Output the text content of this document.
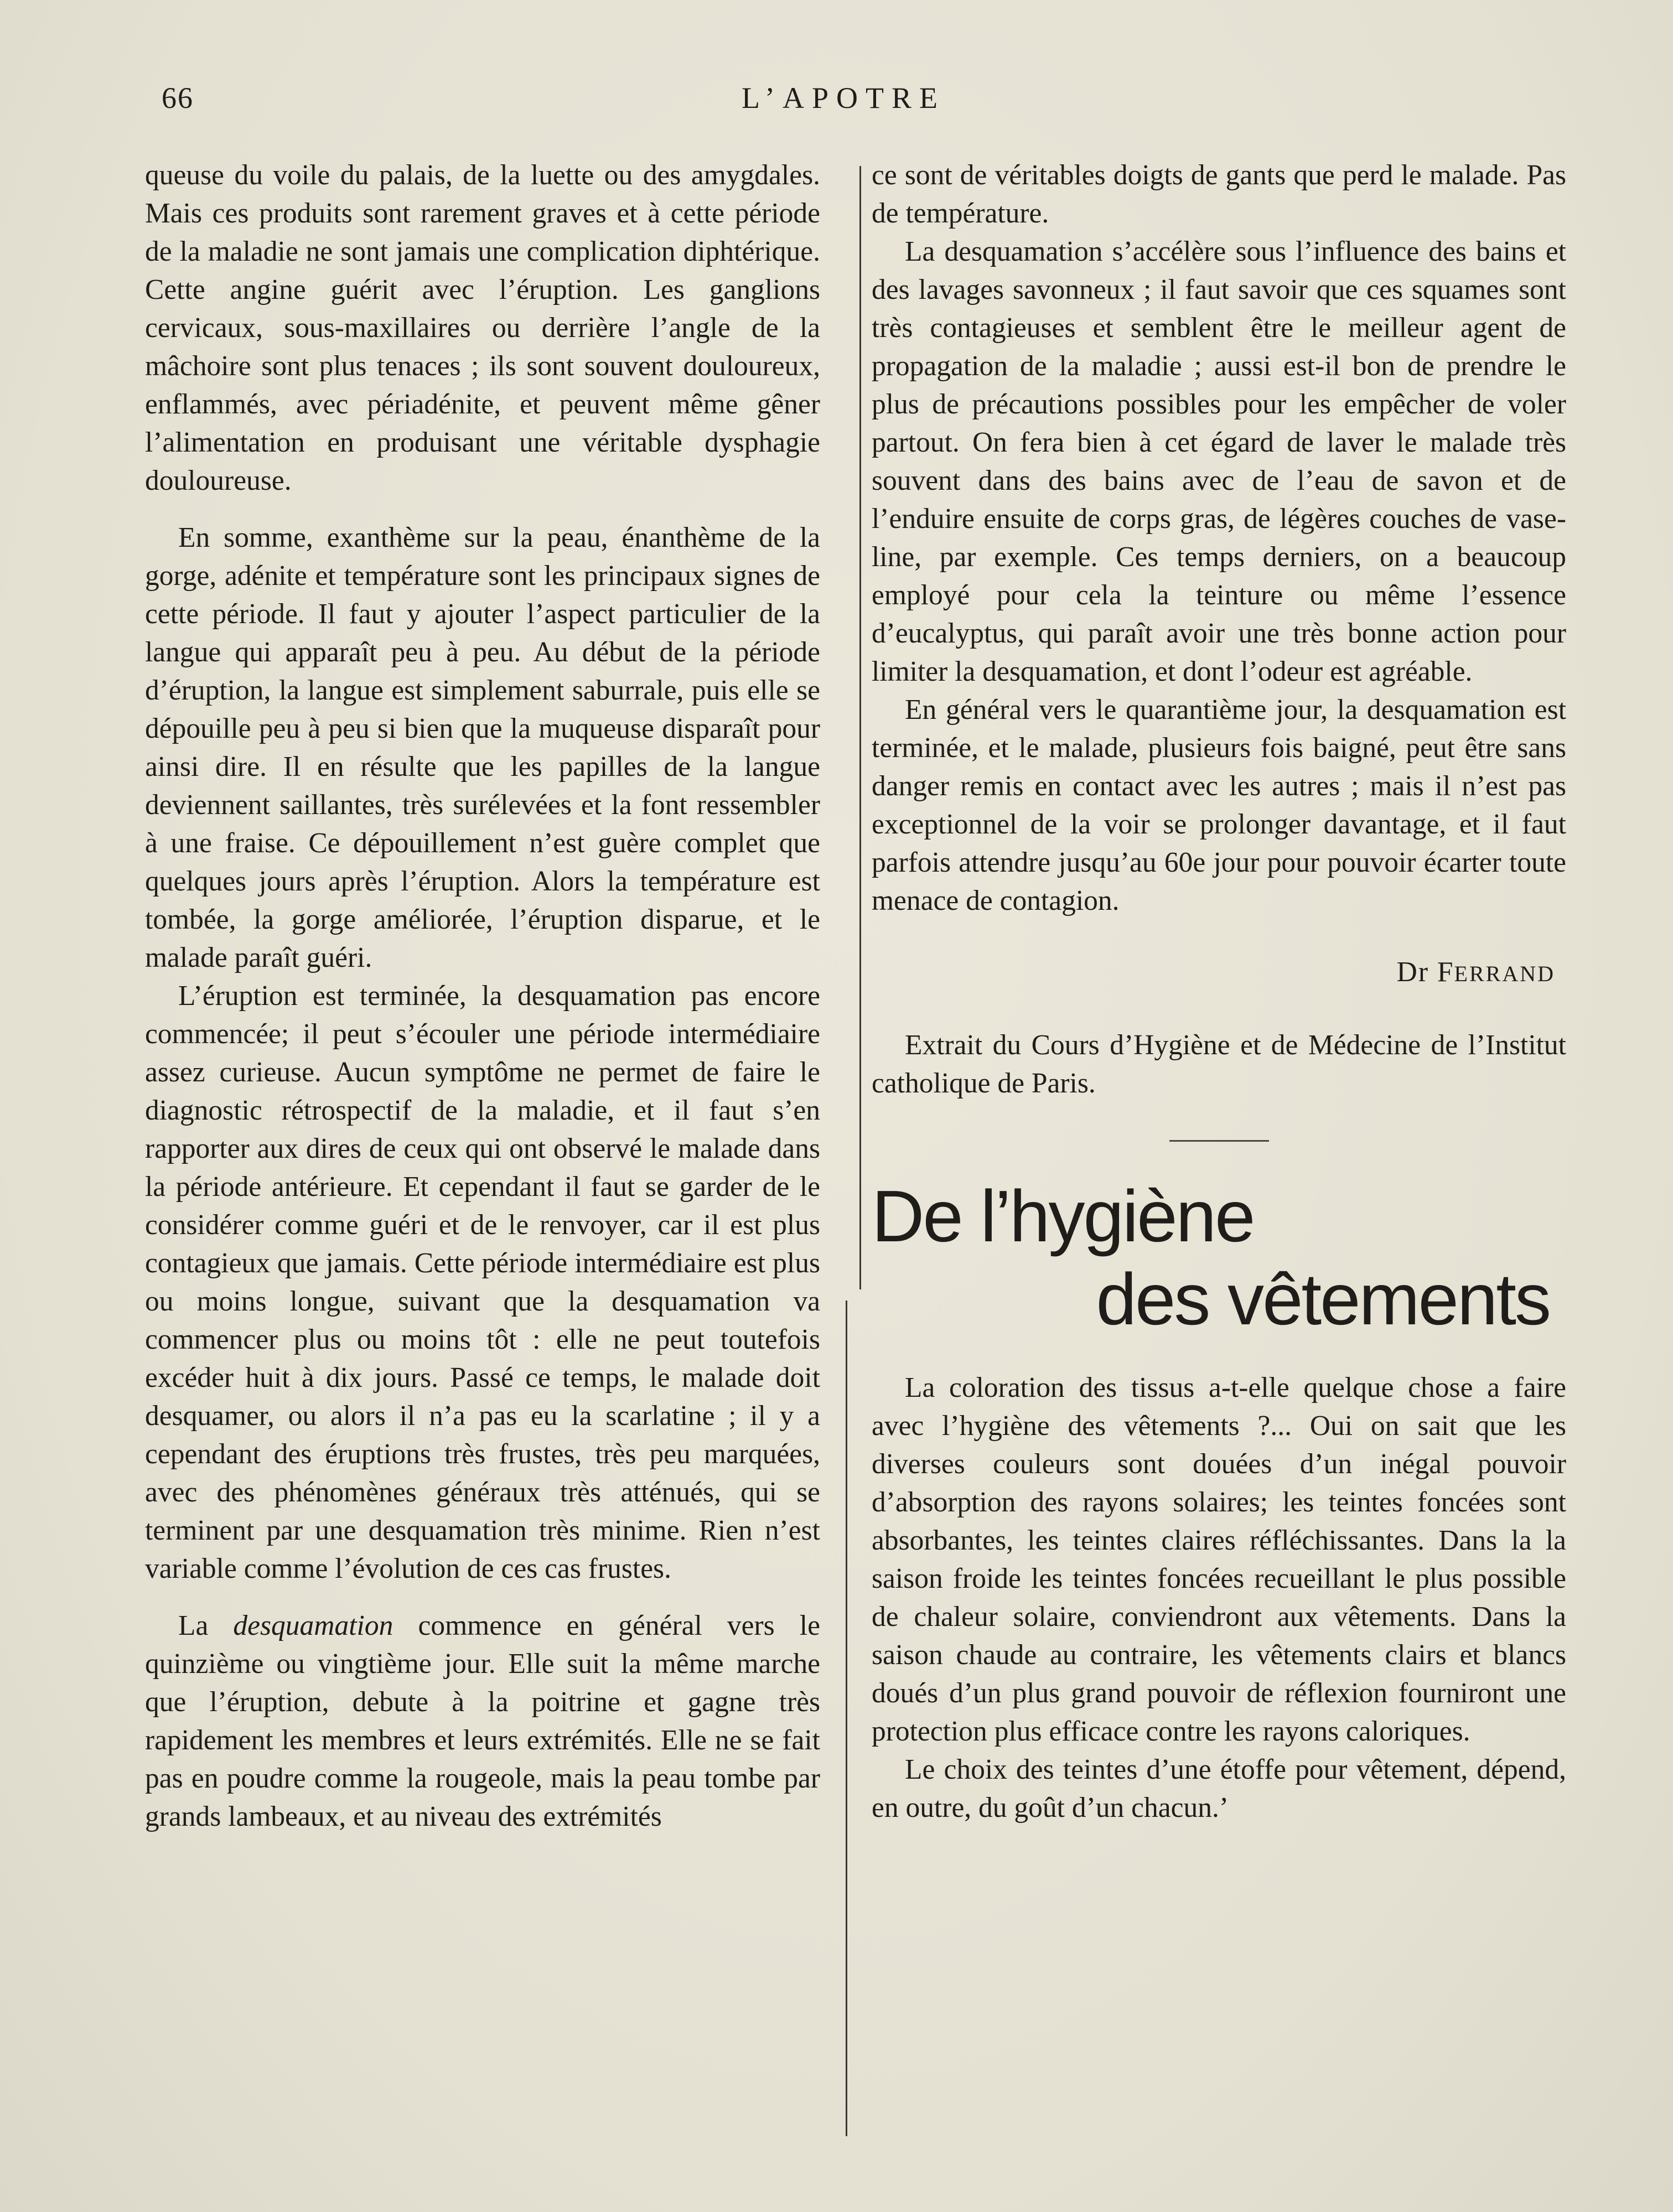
66	L’APOTRE

queuse du voile du palais, de la luette ou des amygdales. Mais ces produits sont rarement graves et à cette période de la maladie ne sont jamais une complication diphtérique. Cette angine guérit avec l’éruption. Les ganglions cervicaux, sous-maxillaires ou derrière l’angle de la mâchoire sont plus tenaces ; ils sont souvent douloureux, enflammés, avec périadénite, et peuvent même gêner l’alimentation en produisant une véritable dysphagie douloureuse.

En somme, exanthème sur la peau, énanthème de la gorge, adénite et température sont les principaux signes de cette période. Il faut y ajouter l’aspect particulier de la langue qui apparaît peu à peu. Au début de la période d’éruption, la langue est simplement saburrale, puis elle se dépouille peu à peu si bien que la muqueuse disparaît pour ainsi dire. Il en résulte que les papilles de la langue deviennent saillantes, très surélevées et la font ressembler à une fraise. Ce dépouillement n’est guère complet que quelques jours après l’éruption. Alors la température est tombée, la gorge améliorée, l’éruption disparue, et le malade paraît guéri.

L’éruption est terminée, la desquamation pas encore commencée; il peut s’écouler une période intermédiaire assez curieuse. Aucun symptôme ne permet de faire le diagnostic rétrospectif de la maladie, et il faut s’en rapporter aux dires de ceux qui ont observé le malade dans la période antérieure. Et cependant il faut se garder de le considérer comme guéri et de le renvoyer, car il est plus contagieux que jamais. Cette période intermédiaire est plus ou moins longue, suivant que la desquamation va commencer plus ou moins tôt : elle ne peut toutefois excéder huit à dix jours. Passé ce temps, le malade doit desquamer, ou alors il n’a pas eu la scarlatine ; il y a cependant des éruptions très frustes, très peu marquées, avec des phénomènes généraux très atténués, qui se terminent par une desquamation très minime. Rien n’est variable comme l’évolution de ces cas frustes.

La desquamation commence en général vers le quinzième ou vingtième jour. Elle suit la même marche que l’éruption, debute à la poitrine et gagne très rapidement les membres et leurs extrémités. Elle ne se fait pas en poudre comme la rougeole, mais la peau tombe par grands lambeaux, et au niveau des extrémités

ce sont de véritables doigts de gants que perd le malade. Pas de température.

La desquamation s’accélère sous l’influence des bains et des lavages savonneux ; il faut savoir que ces squames sont très contagieuses et semblent être le meilleur agent de propagation de la maladie ; aussi est-il bon de prendre le plus de précautions possibles pour les empêcher de voler partout. On fera bien à cet égard de laver le malade très souvent dans des bains avec de l’eau de savon et de l’enduire ensuite de corps gras, de légères couches de vaseline, par exemple. Ces temps derniers, on a beaucoup employé pour cela la teinture ou même l’essence d’eucalyptus, qui paraît avoir une très bonne action pour limiter la desquamation, et dont l’odeur est agréable.

En général vers le quarantième jour, la desquamation est terminée, et le malade, plusieurs fois baigné, peut être sans danger remis en contact avec les autres ; mais il n’est pas exceptionnel de la voir se prolonger davantage, et il faut parfois attendre jusqu’au 60e jour pour pouvoir écarter toute menace de contagion.

Dr FERRAND

Extrait du Cours d’Hygiène et de Médecine de l’Institut catholique de Paris.

De l’hygiène
des vêtements

La coloration des tissus a-t-elle quelque chose a faire avec l’hygiène des vêtements ?... Oui on sait que les diverses couleurs sont douées d’un inégal pouvoir d’absorption des rayons solaires; les teintes foncées sont absorbantes, les teintes claires réfléchissantes. Dans la la saison froide les teintes foncées recueillant le plus possible de chaleur solaire, conviendront aux vêtements. Dans la saison chaude au contraire, les vêtements clairs et blancs doués d’un plus grand pouvoir de réflexion fourniront une protection plus efficace contre les rayons caloriques.

Le choix des teintes d’une étoffe pour vêtement, dépend, en outre, du goût d’un chacun.’
